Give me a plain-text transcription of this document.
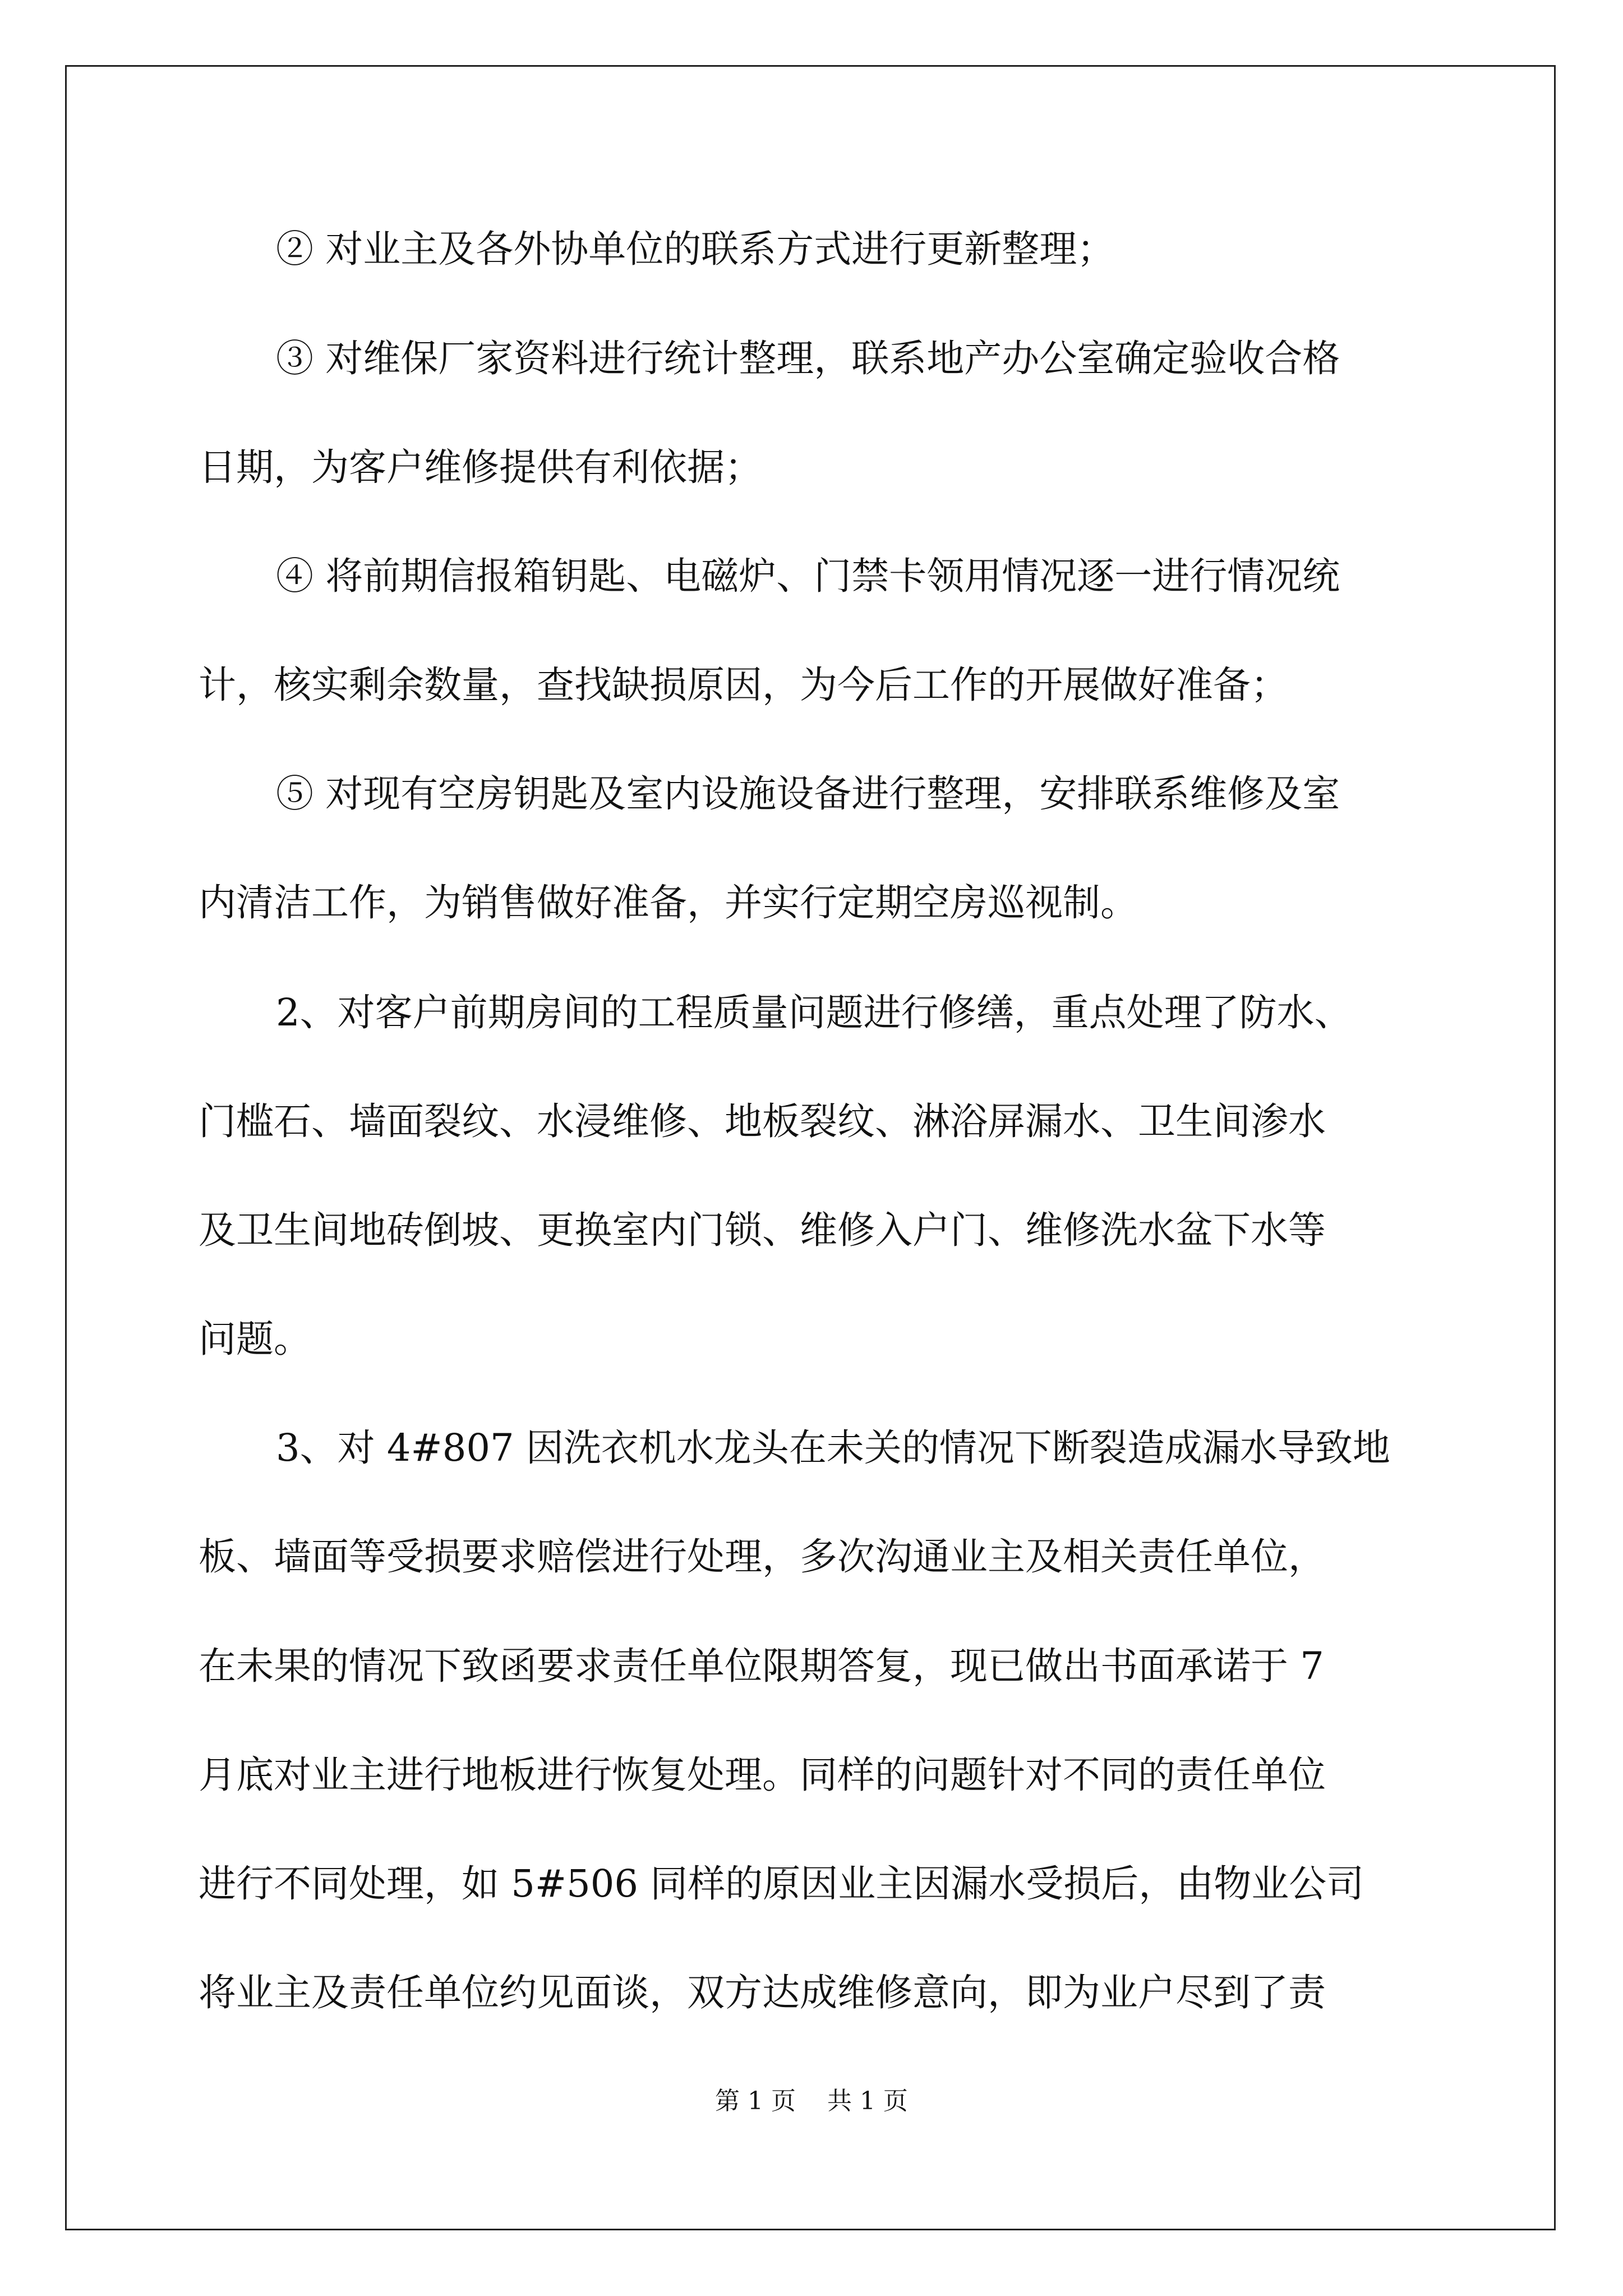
② 对业主及各外协单位的联系方式进行更新整理；

③ 对维保厂家资料进行统计整理，联系地产办公室确定验收合格

日期，为客户维修提供有利依据；

④ 将前期信报箱钥匙、电磁炉、门禁卡领用情况逐一进行情况统

计，核实剩余数量，查找缺损原因，为今后工作的开展做好准备；

⑤ 对现有空房钥匙及室内设施设备进行整理，安排联系维修及室

内清洁工作，为销售做好准备，并实行定期空房巡视制。

2、对客户前期房间的工程质量问题进行修缮，重点处理了防水、

门槛石、墙面裂纹、水浸维修、地板裂纹、淋浴屏漏水、卫生间渗水

及卫生间地砖倒坡、更换室内门锁、维修入户门、维修洗水盆下水等

问题。

3、对 4#807 因洗衣机水龙头在未关的情况下断裂造成漏水导致地

板、墙面等受损要求赔偿进行处理，多次沟通业主及相关责任单位，

在未果的情况下致函要求责任单位限期答复，现已做出书面承诺于 7

月底对业主进行地板进行恢复处理。同样的问题针对不同的责任单位

进行不同处理，如 5#506 同样的原因业主因漏水受损后，由物业公司

将业主及责任单位约见面谈，双方达成维修意向，即为业户尽到了责

第 1 页    共 1 页
